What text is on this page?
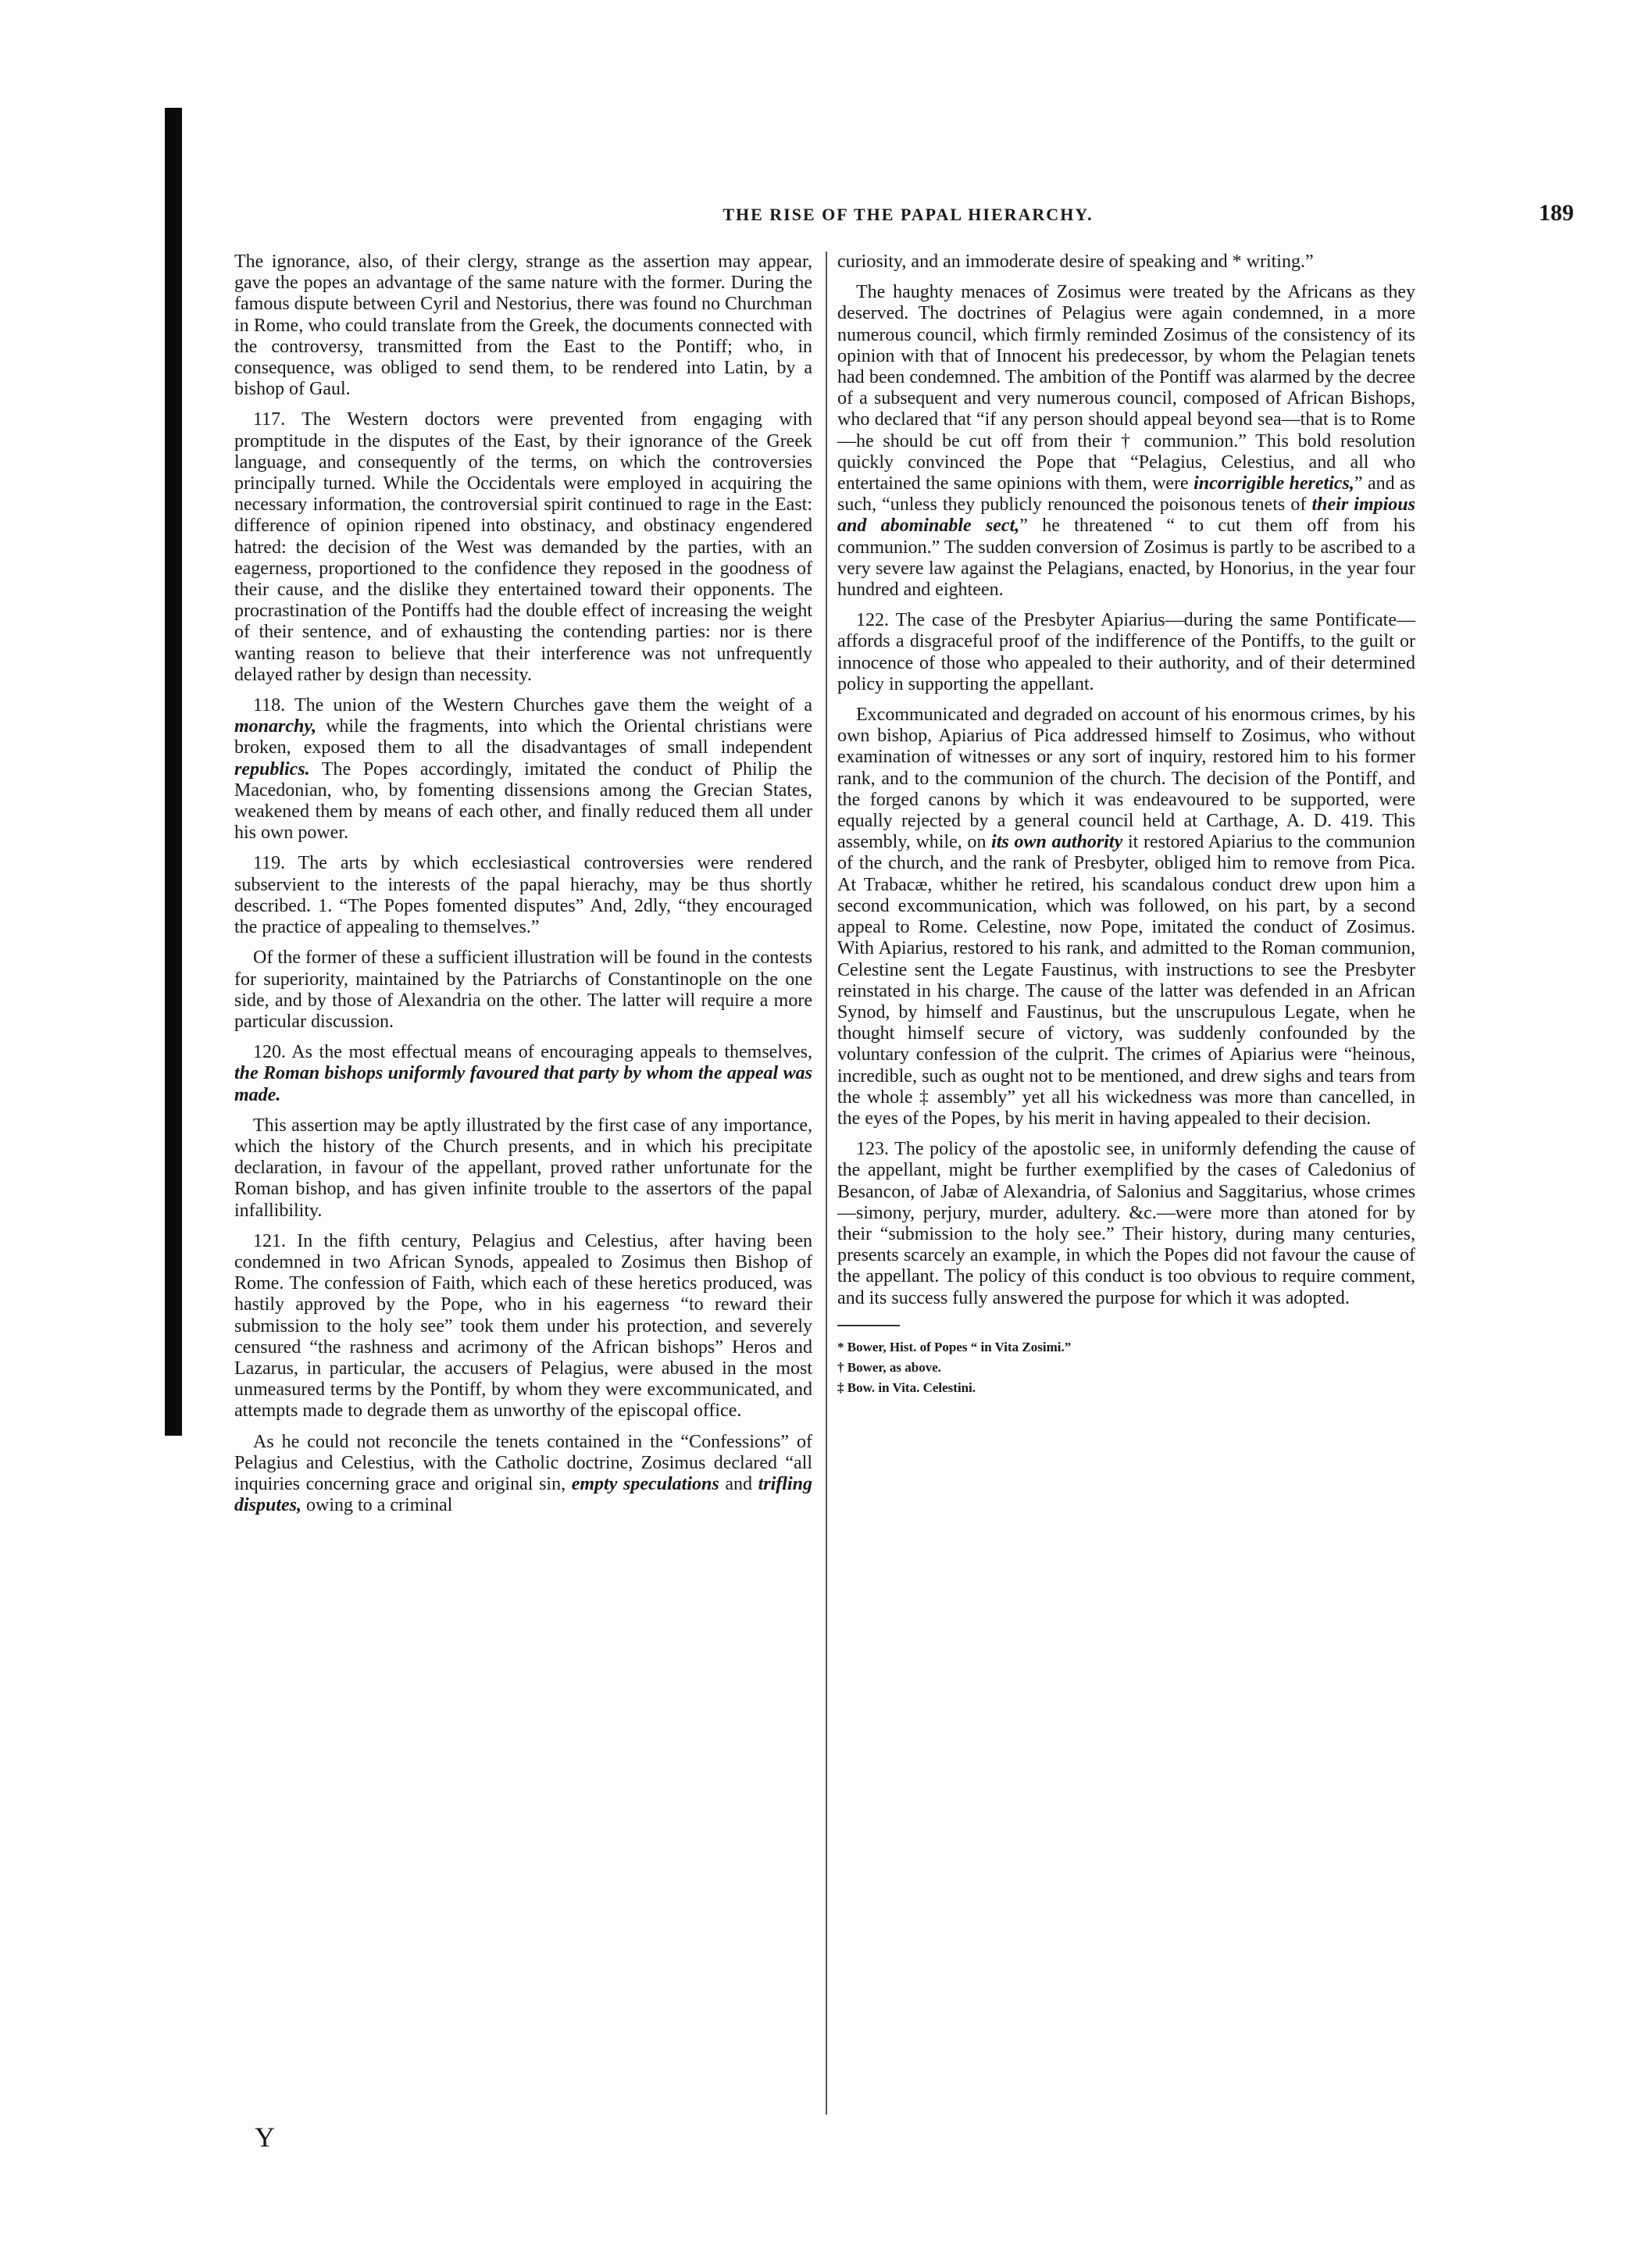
THE RISE OF THE PAPAL HIERARCHY.	189

The ignorance, also, of their clergy, strange as the assertion may appear, gave the popes an advantage of the same nature with the former. During the famous dispute between Cyril and Nestorius, there was found no Churchman in Rome, who could translate from the Greek, the documents connected with the controversy, transmitted from the East to the Pontiff; who, in consequence, was obliged to send them, to be rendered into Latin, by a bishop of Gaul.

117. The Western doctors were prevented from engaging with promptitude in the disputes of the East, by their ignorance of the Greek language, and consequently of the terms, on which the controversies principally turned. While the Occidentals were employed in acquiring the necessary information, the controversial spirit continued to rage in the East: difference of opinion ripened into obstinacy, and obstinacy engendered hatred: the decision of the West was demanded by the parties, with an eagerness, proportioned to the confidence they reposed in the goodness of their cause, and the dislike they entertained toward their opponents. The procrastination of the Pontiffs had the double effect of increasing the weight of their sentence, and of exhausting the contending parties: nor is there wanting reason to believe that their interference was not unfrequently delayed rather by design than necessity.

118. The union of the Western Churches gave them the weight of a monarchy, while the fragments, into which the Oriental christians were broken, exposed them to all the disadvantages of small independent republics. The Popes accordingly, imitated the conduct of Philip the Macedonian, who, by fomenting dissensions among the Grecian States, weakened them by means of each other, and finally reduced them all under his own power.

119. The arts by which ecclesiastical controversies were rendered subservient to the interests of the papal hierachy, may be thus shortly described. 1. “The Popes fomented disputes” And, 2dly, “they encouraged the practice of appealing to themselves.”

Of the former of these a sufficient illustration will be found in the contests for superiority, maintained by the Patriarchs of Constantinople on the one side, and by those of Alexandria on the other. The latter will require a more particular discussion.

120. As the most effectual means of encouraging appeals to themselves, the Roman bishops uniformly favoured that party by whom the appeal was made.

This assertion may be aptly illustrated by the first case of any importance, which the history of the Church presents, and in which his precipitate declaration, in favour of the appellant, proved rather unfortunate for the Roman bishop, and has given infinite trouble to the assertors of the papal infallibility.

121. In the fifth century, Pelagius and Celestius, after having been condemned in two African Synods, appealed to Zosimus then Bishop of Rome. The confession of Faith, which each of these heretics produced, was hastily approved by the Pope, who in his eagerness “to reward their submission to the holy see” took them under his protection, and severely censured “the rashness and acrimony of the African bishops” Heros and Lazarus, in particular, the accusers of Pelagius, were abused in the most unmeasured terms by the Pontiff, by whom they were excommunicated, and attempts made to degrade them as unworthy of the episcopal office.

As he could not reconcile the tenets contained in the “Confessions” of Pelagius and Celestius, with the Catholic doctrine, Zosimus declared “all inquiries concerning grace and original sin, empty speculations and trifling disputes, owing to a criminal

curiosity, and an immoderate desire of speaking and * writing.”

The haughty menaces of Zosimus were treated by the Africans as they deserved. The doctrines of Pelagius were again condemned, in a more numerous council, which firmly reminded Zosimus of the consistency of its opinion with that of Innocent his predecessor, by whom the Pelagian tenets had been condemned. The ambition of the Pontiff was alarmed by the decree of a subsequent and very numerous council, composed of African Bishops, who declared that “if any person should appeal beyond sea—that is to Rome—he should be cut off from their † communion.” This bold resolution quickly convinced the Pope that “Pelagius, Celestius, and all who entertained the same opinions with them, were incorrigible heretics,” and as such, “unless they publicly renounced the poisonous tenets of their impious and abominable sect,” he threatened “ to cut them off from his communion.” The sudden conversion of Zosimus is partly to be ascribed to a very severe law against the Pelagians, enacted, by Honorius, in the year four hundred and eighteen.

122. The case of the Presbyter Apiarius—during the same Pontificate—affords a disgraceful proof of the indifference of the Pontiffs, to the guilt or innocence of those who appealed to their authority, and of their determined policy in supporting the appellant.

Excommunicated and degraded on account of his enormous crimes, by his own bishop, Apiarius of Pica addressed himself to Zosimus, who without examination of witnesses or any sort of inquiry, restored him to his former rank, and to the communion of the church. The decision of the Pontiff, and the forged canons by which it was endeavoured to be supported, were equally rejected by a general council held at Carthage, A. D. 419. This assembly, while, on its own authority it restored Apiarius to the communion of the church, and the rank of Presbyter, obliged him to remove from Pica. At Trabacæ, whither he retired, his scandalous conduct drew upon him a second excommunication, which was followed, on his part, by a second appeal to Rome. Celestine, now Pope, imitated the conduct of Zosimus. With Apiarius, restored to his rank, and admitted to the Roman communion, Celestine sent the Legate Faustinus, with instructions to see the Presbyter reinstated in his charge. The cause of the latter was defended in an African Synod, by himself and Faustinus, but the unscrupulous Legate, when he thought himself secure of victory, was suddenly confounded by the voluntary confession of the culprit. The crimes of Apiarius were “heinous, incredible, such as ought not to be mentioned, and drew sighs and tears from the whole ‡ assembly” yet all his wickedness was more than cancelled, in the eyes of the Popes, by his merit in having appealed to their decision.

123. The policy of the apostolic see, in uniformly defending the cause of the appellant, might be further exemplified by the cases of Caledonius of Besancon, of Jabæ of Alexandria, of Salonius and Saggitarius, whose crimes—simony, perjury, murder, adultery. &c.—were more than atoned for by their “submission to the holy see.” Their history, during many centuries, presents scarcely an example, in which the Popes did not favour the cause of the appellant. The policy of this conduct is too obvious to require comment, and its success fully answered the purpose for which it was adopted.

* Bower, Hist. of Popes “ in Vita Zosimi.”

† Bower, as above.

‡ Bow. in Vita. Celestini.

Y
